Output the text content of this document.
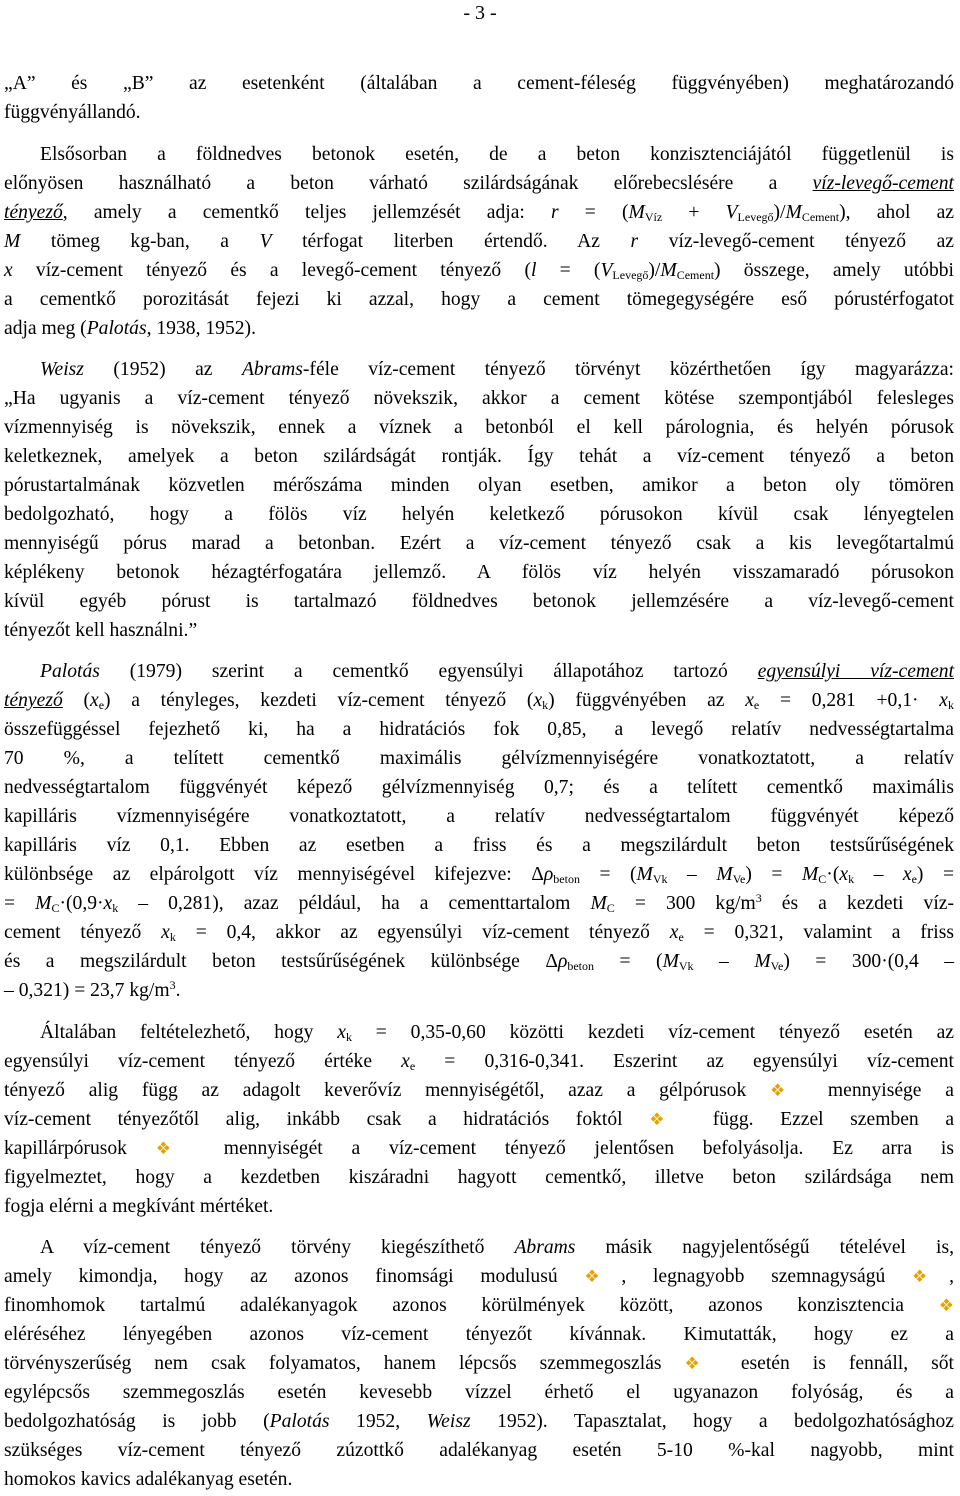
- 3 -
„A” és „B” az esetenként (általában a cement-féleség függvényében) meghatározandó
függvényállandó.
Elsősorban a földnedves betonok esetén, de a beton konzisztenciájától függetlenül is
előnyösen használható a beton várható szilárdságának előrebecslésére a víz-levegő-cement
tényező, amely a cementkő teljes jellemzését adja: $r = (M_{Víz} + V_{Levegő})/M_{Cement}$), ahol az
M tömeg kg-ban, a V térfogat literben értendő. Az r víz-levegő-cement tényező az
x víz-cement tényező és a levegő-cement tényező $(l = (V_{Levegő})/M_{Cement})$ összege, amely utóbbi
a cementkő porozitását fejezi ki azzal, hogy a cement tömegegységére eső pórustérfogatot
adja meg (Palotás, 1938, 1952).
Weisz (1952) az Abrams-féle víz-cement tényező törvényt közérthetően így magyarázza:
„Ha ugyanis a víz-cement tényező növekszik, akkor a cement kötése szempontjából felesleges
vízmennyiség is növekszik, ennek a víznek a betonból el kell párolognia, és helyén pórusok
keletkeznek, amelyek a beton szilárdságát rontják. Így tehát a víz-cement tényező a beton
pórustartalmának közvetlen mérőszáma minden olyan esetben, amikor a beton oly tömören
bedolgozható, hogy a fölös víz helyén keletkező pórusokon kívül csak lényegtelen
mennyiségű pórus marad a betonban. Ezért a víz-cement tényező csak a kis levegőtartalmú
képlékeny betonok hézagtérfogatára jellemző. A fölös víz helyén visszamaradó pórusokon
kívül egyéb pórust is tartalmazó földnedves betonok jellemzésére a víz-levegő-cement
tényezőt kell használni.”
Palotás (1979) szerint a cementkő egyensúlyi állapotához tartozó egyensúlyi víz-cement
tényező $(x_e)$ a tényleges, kezdeti víz-cement tényező $(x_k)$ függvényében az $x_e = 0,281 +0,1\cdot x_k$
összefüggéssel fejezhető ki, ha a hidratációs fok 0,85, a levegő relatív nedvességtartalma
70 %, a telített cementkő maximális gélvízmennyiségére vonatkoztatott, a relatív
nedvességtartalom függvényét képező gélvízmennyiség 0,7; és a telített cementkő maximális
kapilláris vízmennyiségére vonatkoztatott, a relatív nedvességtartalom függvényét képező
kapilláris víz 0,1. Ebben az esetben a friss és a megszilárdult beton testsűrűségének
különbsége az elpárolgott víz mennyiségével kifejezve: $\Delta\rho_{beton} = (M_{Vk} - M_{Ve}) = M_C\cdot(x_k - x_e)$ =
= $M_C\cdot(0,9\cdot x_k - 0,281)$, azaz például, ha a cementtartalom $M_C = 300$ $kg/m^3$ és a kezdeti víz-
cement tényező $x_k = 0,4$, akkor az egyensúlyi víz-cement tényező $x_e = 0,321$, valamint a friss
és a megszilárdult beton testsűrűségének különbsége $\Delta\rho_{beton} = (M_{Vk} - M_{Ve}) = 300\cdot(0,4$ –
– 0,321) = 23,7 $kg/m^3$.
Általában feltételezhető, hogy $x_k = 0,35-0,60$ közötti kezdeti víz-cement tényező esetén az
egyensúlyi víz-cement tényező értéke $x_e = 0,316-0,341$. Eszerint az egyensúlyi víz-cement
tényező alig függ az adagolt keverővíz mennyiségétől, azaz a gélpórusok ❖ mennyisége a
víz-cement tényezőtől alig, inkább csak a hidratációs foktól ❖ függ. Ezzel szemben a
kapillárpórusok ❖ mennyiségét a víz-cement tényező jelentősen befolyásolja. Ez arra is
figyelmeztet, hogy a kezdetben kiszáradni hagyott cementkő, illetve beton szilárdsága nem
fogja elérni a megkívánt mértéket.
A víz-cement tényező törvény kiegészíthető Abrams másik nagyjelentőségű tételével is,
amely kimondja, hogy az azonos finomsági modulusú ❖, legnagyobb szemnagyságú ❖,
finomhomok tartalmú adalékanyagok azonos körülmények között, azonos konzisztencia ❖
eléréséhez lényegében azonos víz-cement tényezőt kívánnak. Kimutatták, hogy ez a
törvényszerűség nem csak folyamatos, hanem lépcsős szemmegoszlás ❖ esetén is fennáll, sőt
egylépcsős szemmegoszlás esetén kevesebb vízzel érhető el ugyanazon folyóság, és a
bedolgozhatóság is jobb (Palotás 1952, Weisz 1952). Tapasztalat, hogy a bedolgozhatósághoz
szükséges víz-cement tényező zúzottkő adalékanyag esetén 5-10 %-kal nagyobb, mint
homokos kavics adalékanyag esetén.
